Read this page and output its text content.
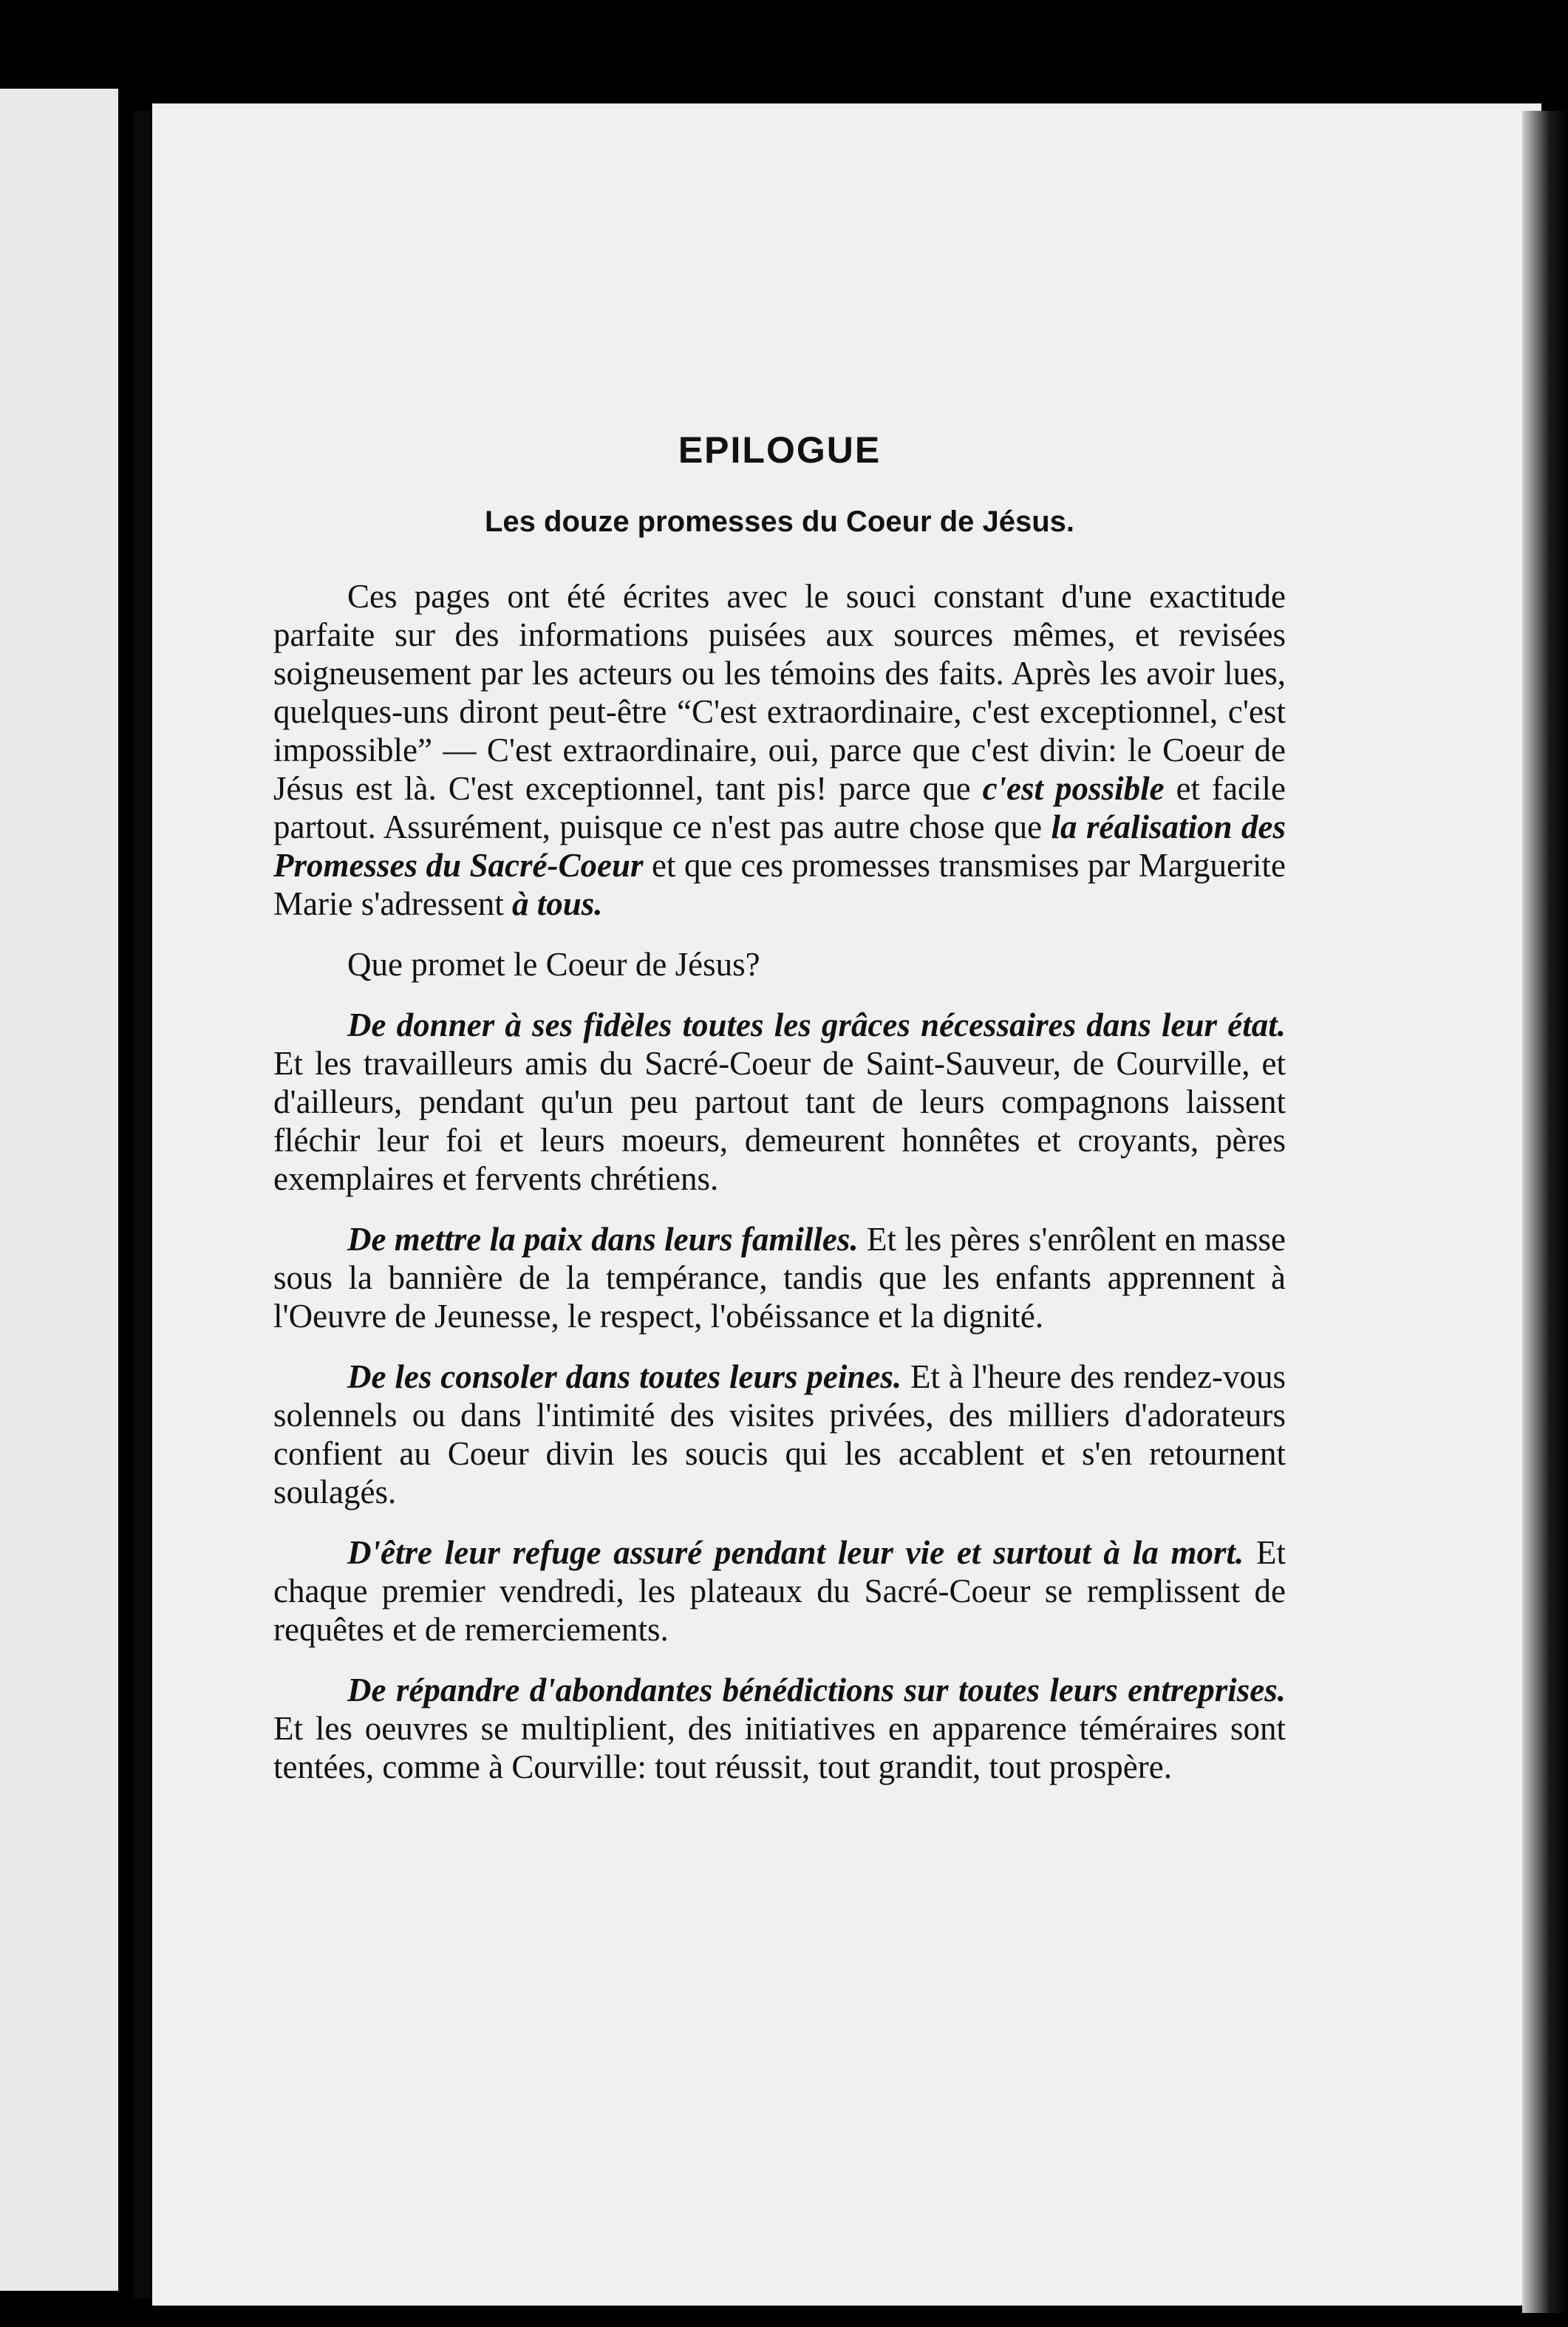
EPILOGUE
Les douze promesses du Coeur de Jésus.

Ces pages ont été écrites avec le souci constant d'une exactitude parfaite sur des informations puisées aux sources mêmes, et revisées soigneusement par les acteurs ou les témoins des faits. Après les avoir lues, quelques-uns diront peut-être “C'est extraordinaire, c'est exceptionnel, c'est impossible” — C'est extraordinaire, oui, parce que c'est divin: le Coeur de Jésus est là. C'est exceptionnel, tant pis! parce que c'est possible et facile partout. Assurément, puisque ce n'est pas autre chose que la réalisation des Promesses du Sacré-Coeur et que ces promesses transmises par Marguerite Marie s'adressent à tous.

Que promet le Coeur de Jésus?

De donner à ses fidèles toutes les grâces nécessaires dans leur état. Et les travailleurs amis du Sacré-Coeur de Saint-Sauveur, de Courville, et d'ailleurs, pendant qu'un peu partout tant de leurs compagnons laissent fléchir leur foi et leurs moeurs, demeurent honnêtes et croyants, pères exemplaires et fervents chrétiens.

De mettre la paix dans leurs familles. Et les pères s'enrôlent en masse sous la bannière de la tempérance, tandis que les enfants apprennent à l'Oeuvre de Jeunesse, le respect, l'obéissance et la dignité.

De les consoler dans toutes leurs peines. Et à l'heure des rendez-vous solennels ou dans l'intimité des visites privées, des milliers d'adorateurs confient au Coeur divin les soucis qui les accablent et s'en retournent soulagés.

D'être leur refuge assuré pendant leur vie et surtout à la mort. Et chaque premier vendredi, les plateaux du Sacré-Coeur se remplissent de requêtes et de remerciements.

De répandre d'abondantes bénédictions sur toutes leurs entreprises. Et les oeuvres se multiplient, des initiatives en apparence téméraires sont tentées, comme à Courville: tout réussit, tout grandit, tout prospère.
